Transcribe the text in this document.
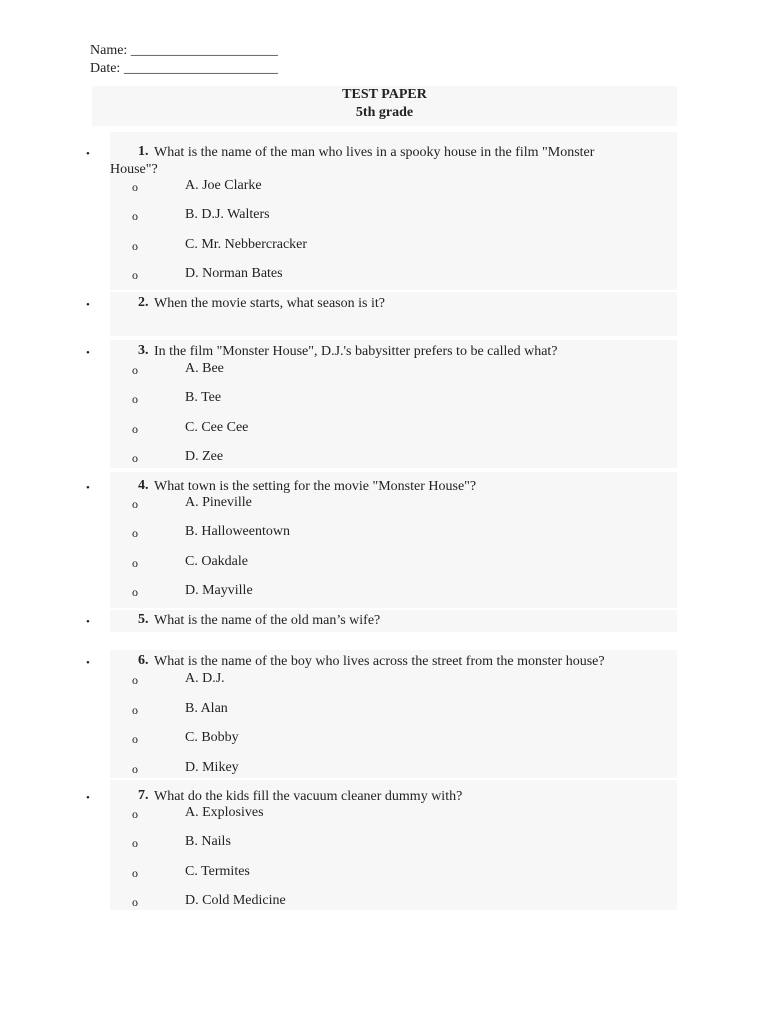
Name: _____________________
Date: ______________________
TEST PAPER
5th grade
•
1. What is the name of the man who lives in a spooky house in the film "Monster
House"?
o	A. Joe Clarke
o	B. D.J. Walters
o	C. Mr. Nebbercracker
o	D. Norman Bates
•
2. When the movie starts, what season is it?
•
3. In the film "Monster House", D.J.'s babysitter prefers to be called what?
o	A. Bee
o	B. Tee
o	C. Cee Cee
o	D. Zee
•
4. What town is the setting for the movie "Monster House"?
o	A. Pineville
o	B. Halloweentown
o	C. Oakdale
o	D. Mayville
•
5. What is the name of the old man’s wife?
•
6. What is the name of the boy who lives across the street from the monster house?
o	A. D.J.
o	B. Alan
o	C. Bobby
o	D. Mikey
•
7. What do the kids fill the vacuum cleaner dummy with?
o	A. Explosives
o	B. Nails
o	C. Termites
o	D. Cold Medicine
